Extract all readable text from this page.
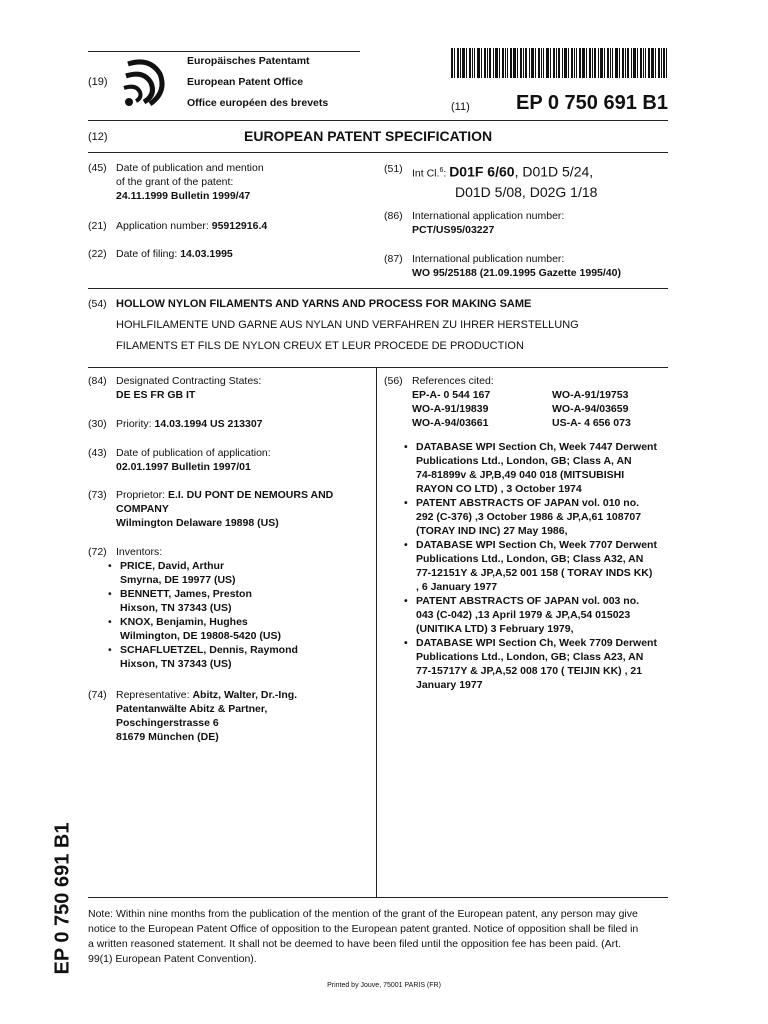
(19)
Europäisches Patentamt
European Patent Office
Office européen des brevets	(11) EP 0 750 691 B1
(12)	EUROPEAN PATENT SPECIFICATION
(45) Date of publication and mention
of the grant of the patent:
24.11.1999 Bulletin 1999/47
(21) Application number: 95912916.4
(22) Date of filing: 14.03.1995
(51) Int Cl.$^6$: D01F 6/60, D01D 5/24,
D01D 5/08, D02G 1/18
(86) International application number:
PCT/US95/03227
(87) International publication number:
WO 95/25188 (21.09.1995 Gazette 1995/40)
(54) HOLLOW NYLON FILAMENTS AND YARNS AND PROCESS FOR MAKING SAME
HOHLFILAMENTE UND GARNE AUS NYLAN UND VERFAHREN ZU IHRER HERSTELLUNG
FILAMENTS ET FILS DE NYLON CREUX ET LEUR PROCEDE DE PRODUCTION
(84) Designated Contracting States:
DE ES FR GB IT
(30) Priority: 14.03.1994 US 213307
(43) Date of publication of application:
02.01.1997 Bulletin 1997/01
(73) Proprietor: E.I. DU PONT DE NEMOURS AND
COMPANY
Wilmington Delaware 19898 (US)
(72) Inventors:
• PRICE, David, Arthur
Smyrna, DE 19977 (US)
• BENNETT, James, Preston
Hixson, TN 37343 (US)
• KNOX, Benjamin, Hughes
Wilmington, DE 19808-5420 (US)
• SCHAFLUETZEL, Dennis, Raymond
Hixson, TN 37343 (US)
(74) Representative: Abitz, Walter, Dr.-Ing.
Patentanwälte Abitz & Partner,
Poschingerstrasse 6
81679 München (DE)
(56) References cited:
EP-A- 0 544 167	WO-A-91/19753
WO-A-91/19839	WO-A-94/03659
WO-A-94/03661	US-A- 4 656 073
• DATABASE WPI Section Ch, Week 7447 Derwent
Publications Ltd., London, GB; Class A, AN
74-81899v & JP,B,49 040 018 (MITSUBISHI
RAYON CO LTD) , 3 October 1974
• PATENT ABSTRACTS OF JAPAN vol. 010 no.
292 (C-376) ,3 October 1986 & JP,A,61 108707
(TORAY IND INC) 27 May 1986,
• DATABASE WPI Section Ch, Week 7707 Derwent
Publications Ltd., London, GB; Class A32, AN
77-12151Y & JP,A,52 001 158 ( TORAY INDS KK)
, 6 January 1977
• PATENT ABSTRACTS OF JAPAN vol. 003 no.
043 (C-042) ,13 April 1979 & JP,A,54 015023
(UNITIKA LTD) 3 February 1979,
• DATABASE WPI Section Ch, Week 7709 Derwent
Publications Ltd., London, GB; Class A23, AN
77-15717Y & JP,A,52 008 170 ( TEIJIN KK) , 21
January 1977
EP 0 750 691 B1 Note: Within nine months from the publication of the mention of the grant of the European patent, any person may give
notice to the European Patent Office of opposition to the European patent granted. Notice of opposition shall be filed in
a written reasoned statement. It shall not be deemed to have been filed until the opposition fee has been paid. (Art.
99(1) European Patent Convention).
Printed by Jouve, 75001 PARIS (FR)
